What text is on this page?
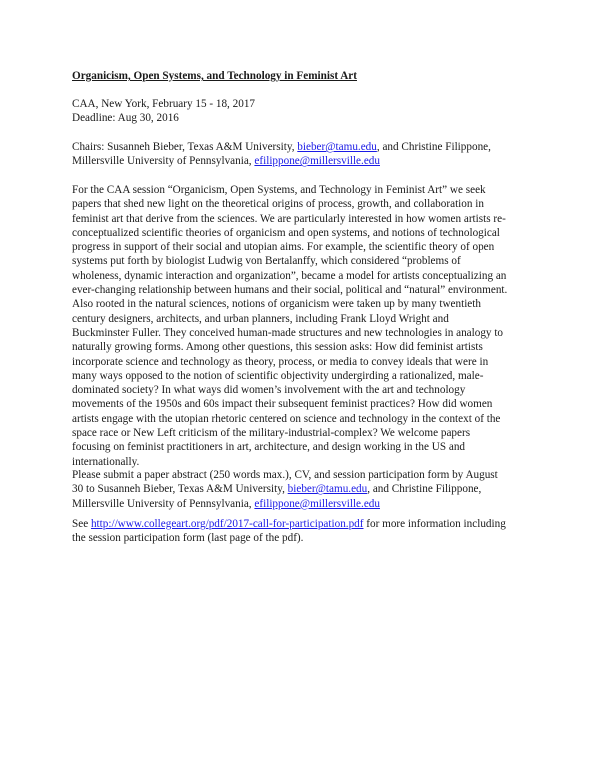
Organicism, Open Systems, and Technology in Feminist Art

CAA, New York, February 15 - 18, 2017
Deadline: Aug 30, 2016

Chairs: Susanneh Bieber, Texas A&M University, bieber@tamu.edu, and Christine Filippone,
Millersville University of Pennsylvania, efilippone@millersville.edu

For the CAA session “Organicism, Open Systems, and Technology in Feminist Art” we seek
papers that shed new light on the theoretical origins of process, growth, and collaboration in
feminist art that derive from the sciences. We are particularly interested in how women artists re-
conceptualized scientific theories of organicism and open systems, and notions of technological
progress in support of their social and utopian aims. For example, the scientific theory of open
systems put forth by biologist Ludwig von Bertalanffy, which considered “problems of
wholeness, dynamic interaction and organization”, became a model for artists conceptualizing an
ever-changing relationship between humans and their social, political and “natural” environment.
Also rooted in the natural sciences, notions of organicism were taken up by many twentieth
century designers, architects, and urban planners, including Frank Lloyd Wright and
Buckminster Fuller. They conceived human-made structures and new technologies in analogy to
naturally growing forms. Among other questions, this session asks: How did feminist artists
incorporate science and technology as theory, process, or media to convey ideals that were in
many ways opposed to the notion of scientific objectivity undergirding a rationalized, male-
dominated society? In what ways did women’s involvement with the art and technology
movements of the 1950s and 60s impact their subsequent feminist practices? How did women
artists engage with the utopian rhetoric centered on science and technology in the context of the
space race or New Left criticism of the military-industrial-complex? We welcome papers
focusing on feminist practitioners in art, architecture, and design working in the US and
internationally.

Please submit a paper abstract (250 words max.), CV, and session participation form by August
30 to Susanneh Bieber, Texas A&M University, bieber@tamu.edu, and Christine Filippone,
Millersville University of Pennsylvania, efilippone@millersville.edu

See http://www.collegeart.org/pdf/2017-call-for-participation.pdf for more information including
the session participation form (last page of the pdf).
